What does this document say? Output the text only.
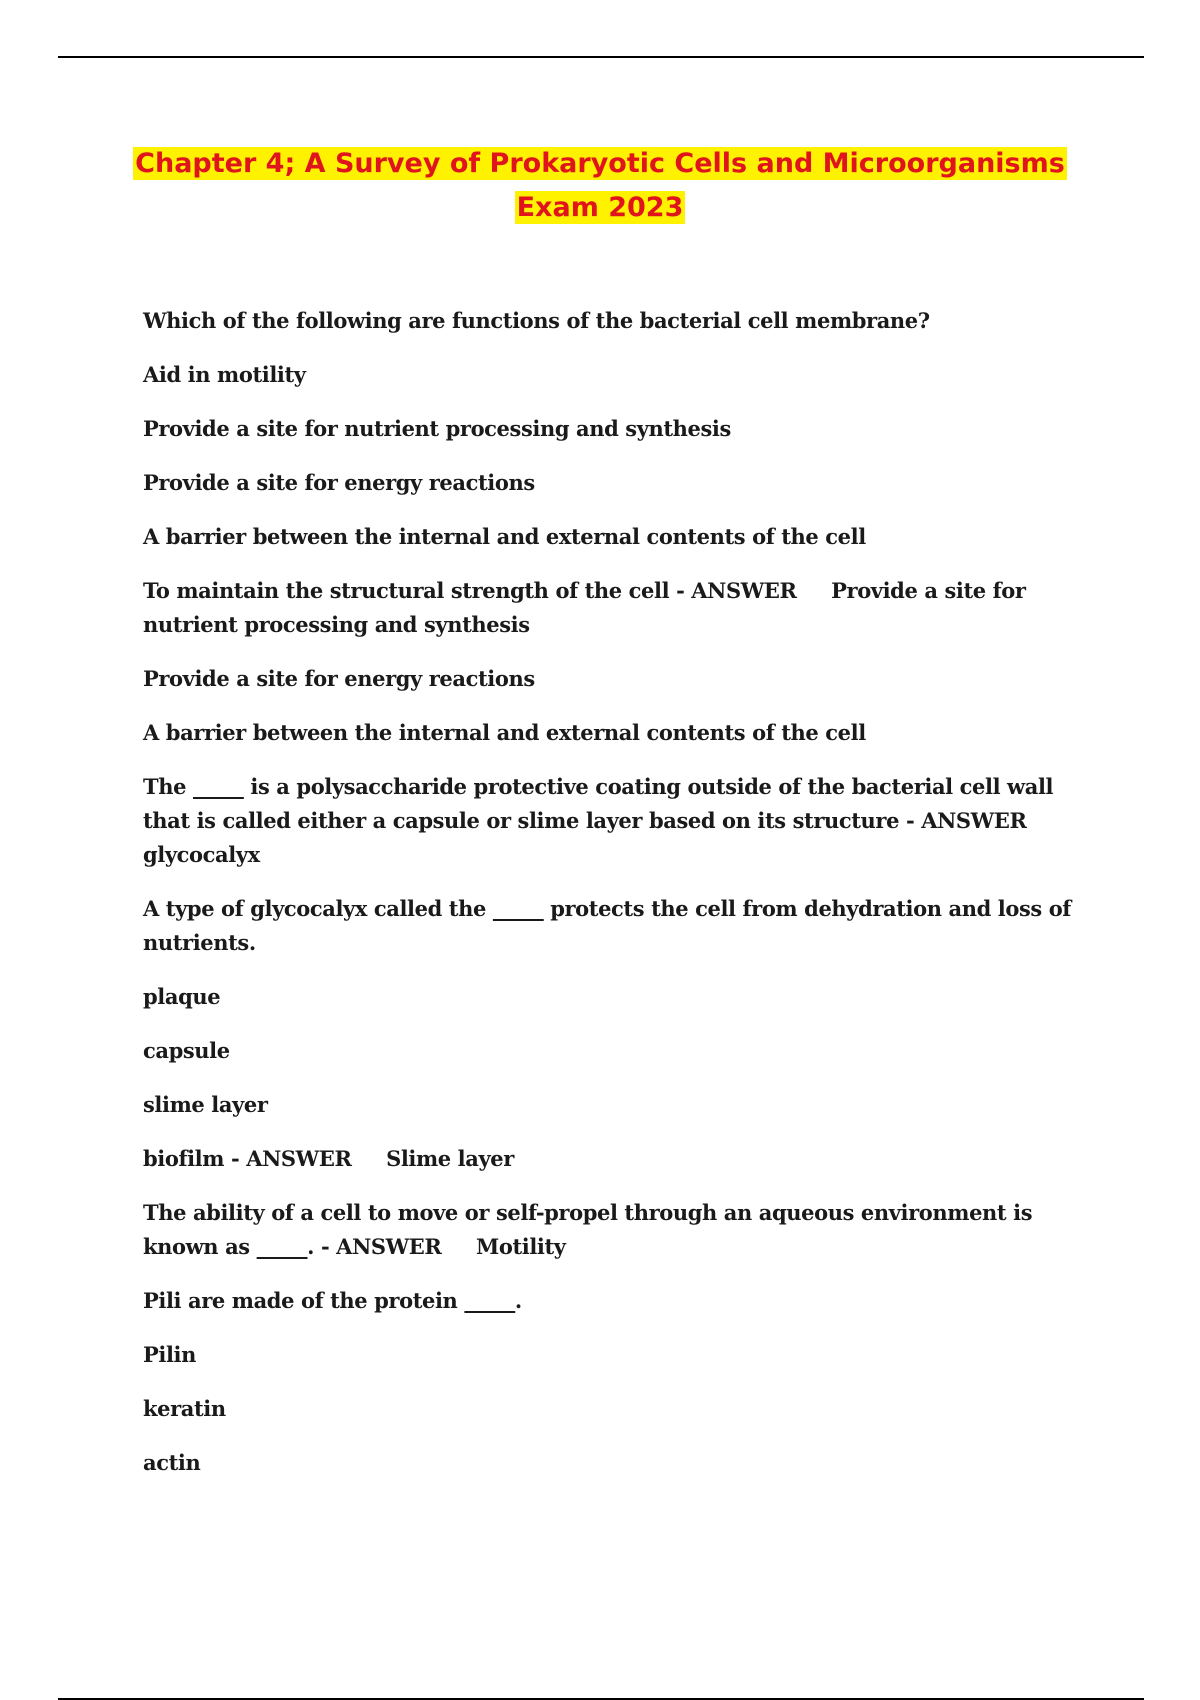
Chapter 4; A Survey of Prokaryotic Cells and Microorganisms
Exam 2023

Which of the following are functions of the bacterial cell membrane?

Aid in motility

Provide a site for nutrient processing and synthesis

Provide a site for energy reactions

A barrier between the internal and external contents of the cell

To maintain the structural strength of the cell - ANSWER     Provide a site for nutrient processing and synthesis

Provide a site for energy reactions

A barrier between the internal and external contents of the cell

The _____ is a polysaccharide protective coating outside of the bacterial cell wall that is called either a capsule or slime layer based on its structure - ANSWER glycocalyx

A type of glycocalyx called the _____ protects the cell from dehydration and loss of nutrients.

plaque

capsule

slime layer

biofilm - ANSWER     Slime layer

The ability of a cell to move or self-propel through an aqueous environment is known as _____. - ANSWER     Motility

Pili are made of the protein _____.

Pilin

keratin

actin
